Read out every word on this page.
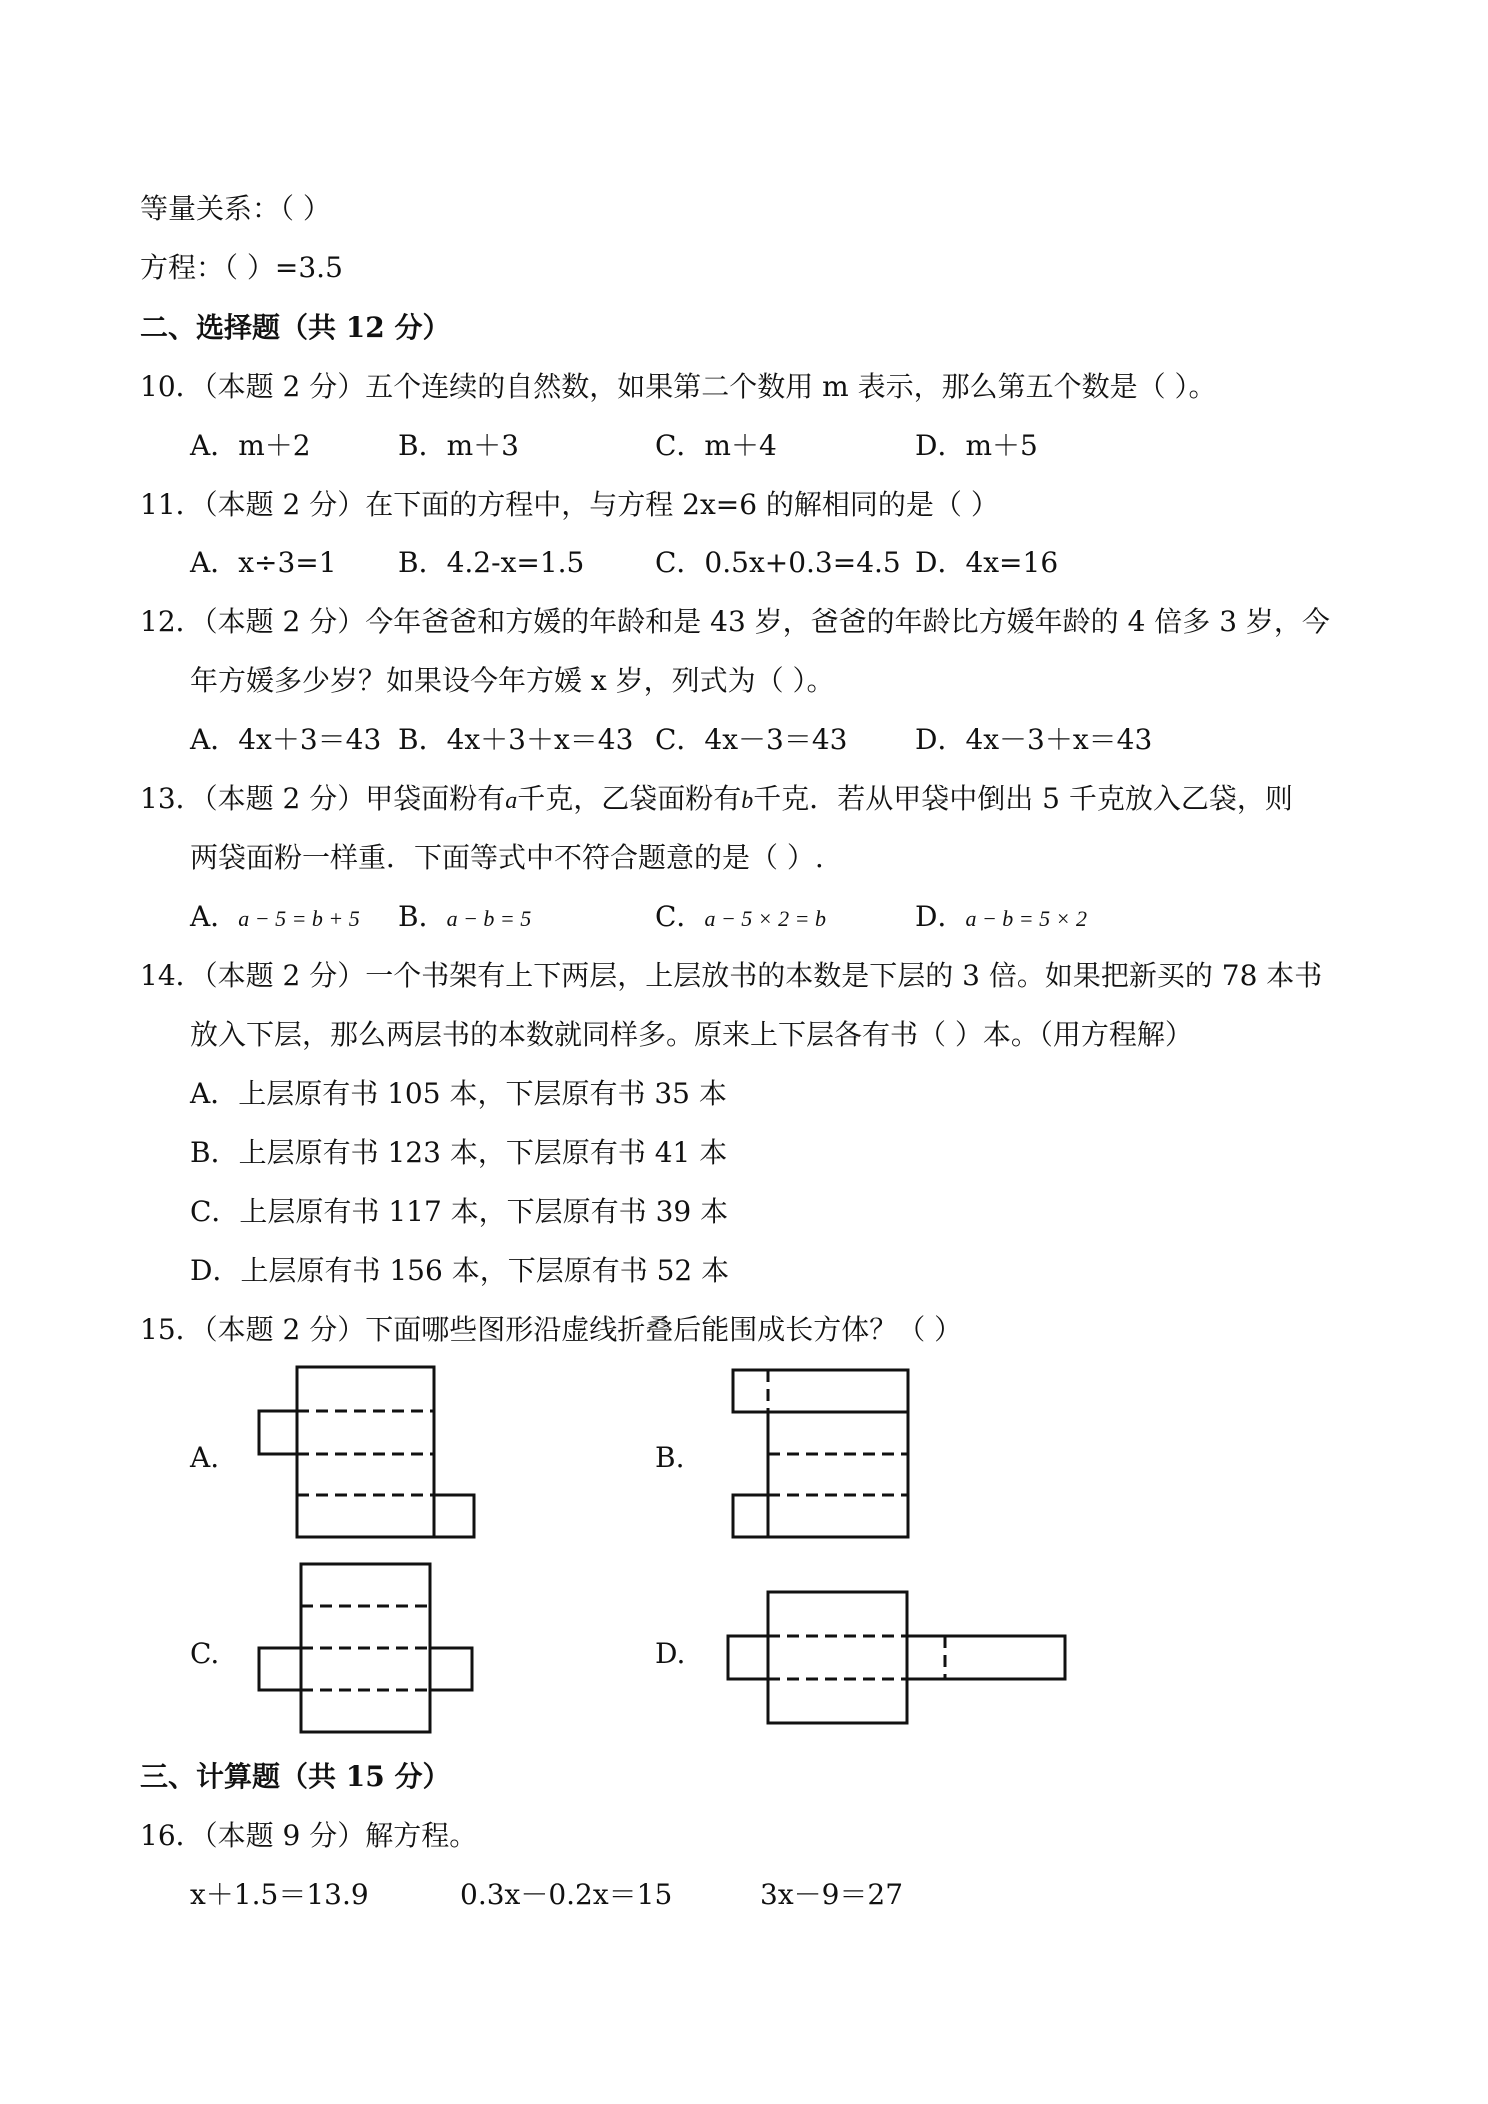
等量关系：（ ）
方程：（ ）=3.5
二、选择题（共 12 分）
10．（本题 2 分）五个连续的自然数，如果第二个数用 m 表示，那么第五个数是（ ）。
A．m＋2	B．m＋3	C．m＋4	D．m＋5
11．（本题 2 分）在下面的方程中，与方程 2x=6 的解相同的是（ ）
A．x÷3=1 B．4.2-x=1.5	C．0.5x+0.3=4.5 D．4x=16
12．（本题 2 分）今年爸爸和方媛的年龄和是 43 岁，爸爸的年龄比方媛年龄的 4 倍多 3 岁，今
年方媛多少岁？如果设今年方媛 x 岁，列式为（ ）。
A．4x＋3＝43 B．4x＋3＋x＝43 C．4x－3＝43 D．4x－3＋x＝43
13．（本题 2 分）甲袋面粉有a千克，乙袋面粉有b千克．若从甲袋中倒出 5 千克放入乙袋，则
两袋面粉一样重．下面等式中不符合题意的是（ ）.
A．a − 5 = b + 5 B．a − b = 5	C．a − 5 × 2 = b	D．a − b = 5 × 2
14．（本题 2 分）一个书架有上下两层，上层放书的本数是下层的 3 倍。如果把新买的 78 本书
放入下层，那么两层书的本数就同样多。原来上下层各有书（ ）本。（用方程解）
A．上层原有书 105 本，下层原有书 35 本
B．上层原有书 123 本，下层原有书 41 本
C．上层原有书 117 本，下层原有书 39 本
D．上层原有书 156 本，下层原有书 52 本
15．（本题 2 分）下面哪些图形沿虚线折叠后能围成长方体？（ ）
A.	B.
C.	D.
三、计算题（共 15 分）
16．（本题 9 分）解方程。
x＋1.5＝13.9	0.3x－0.2x＝15	3x－9＝27
